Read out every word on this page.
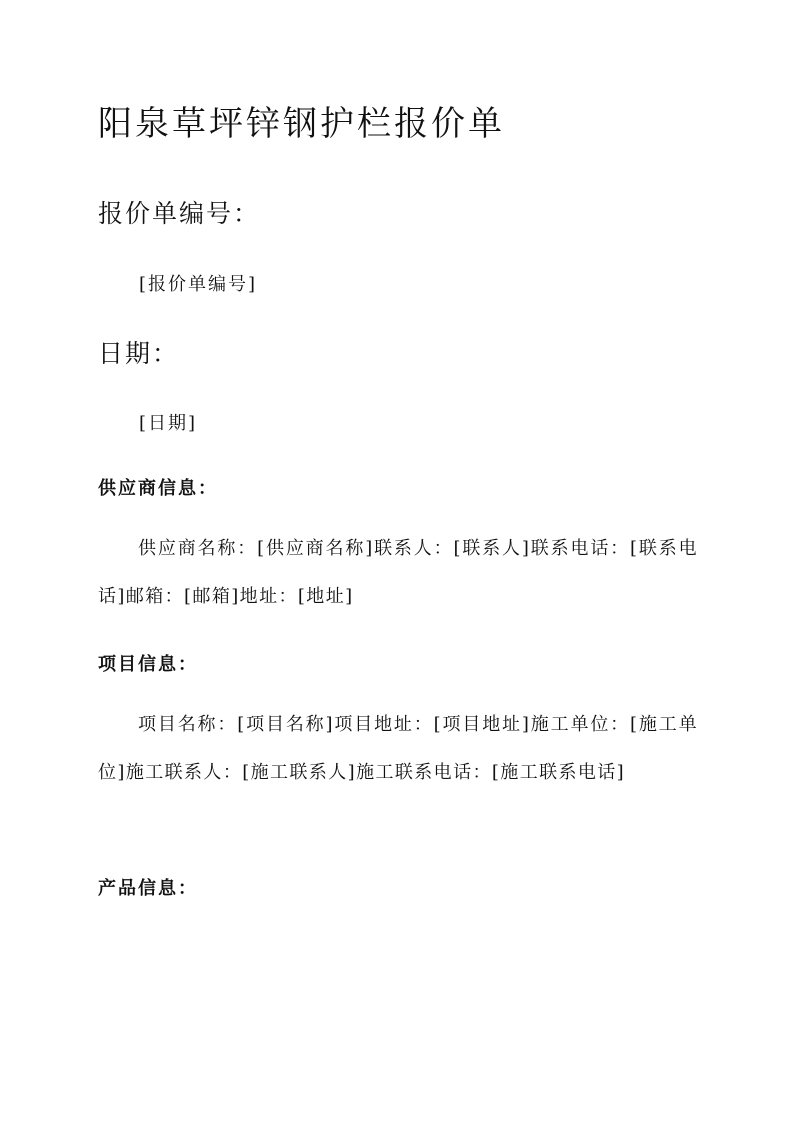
阳泉草坪锌钢护栏报价单
报价单编号：

[报价单编号]

日期：

[日期]

供应商信息：

供应商名称：[供应商名称]联系人：[联系人]联系电话：[联系电话]邮箱：[邮箱]地址：[地址]

项目信息：

项目名称：[项目名称]项目地址：[项目地址]施工单位：[施工单位]施工联系人：[施工联系人]施工联系电话：[施工联系电话]

产品信息：
